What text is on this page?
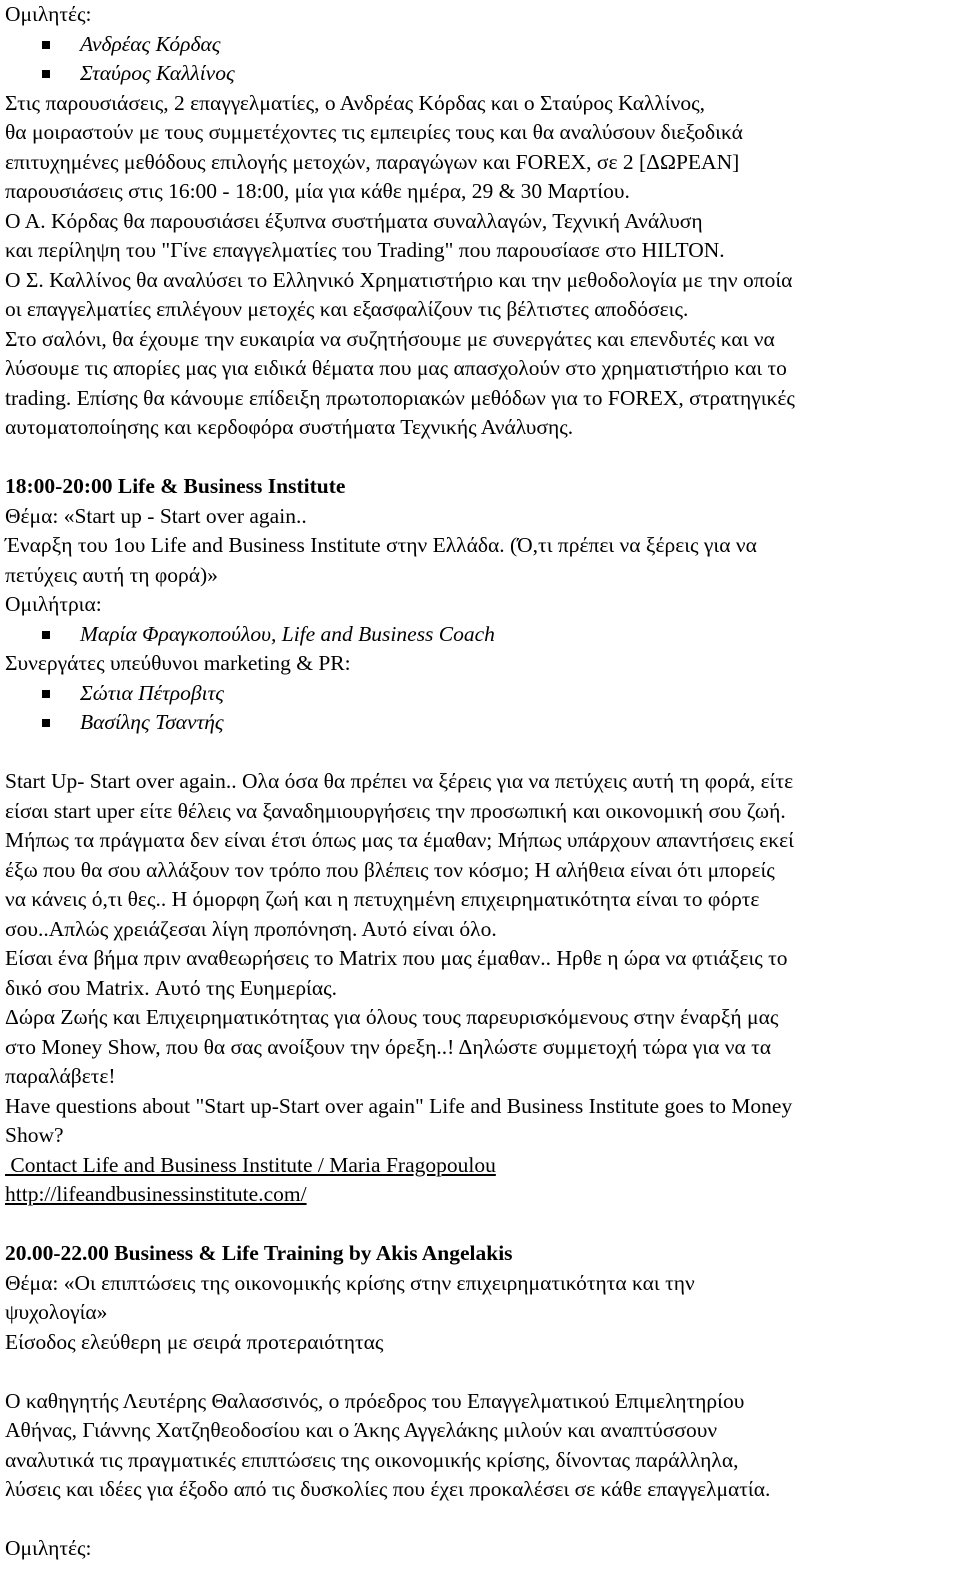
Ομιλητές:
Ανδρέας Κόρδας
Σταύρος Καλλίνος
Στις παρουσιάσεις, 2 επαγγελματίες, ο Ανδρέας Κόρδας και ο Σταύρος Καλλίνος,
θα μοιραστούν με τους συμμετέχοντες τις εμπειρίες τους και θα αναλύσουν διεξοδικά
επιτυχημένες μεθόδους επιλογής μετοχών, παραγώγων και FOREX, σε 2 [ΔΩΡΕΑΝ]
παρουσιάσεις στις 16:00 - 18:00, μία για κάθε ημέρα, 29 & 30 Μαρτίου.
Ο Α. Κόρδας θα παρουσιάσει έξυπνα συστήματα συναλλαγών, Τεχνική Ανάλυση
και περίληψη του "Γίνε επαγγελματίες του Trading" που παρουσίασε στο HILTON.
Ο Σ. Καλλίνος θα αναλύσει το Ελληνικό Χρηματιστήριο και την μεθοδολογία με την οποία
οι επαγγελματίες επιλέγουν μετοχές και εξασφαλίζουν τις βέλτιστες αποδόσεις.
Στο σαλόνι, θα έχουμε την ευκαιρία να συζητήσουμε με συνεργάτες και επενδυτές και να
λύσουμε τις απορίες μας για ειδικά θέματα που μας απασχολούν στο χρηματιστήριο και το
trading. Επίσης θα κάνουμε επίδειξη πρωτοποριακών μεθόδων για το FOREX, στρατηγικές
αυτοματοποίησης και κερδοφόρα συστήματα Τεχνικής Ανάλυσης.
18:00-20:00 Life & Business Institute
Θέμα: «Start up - Start over again..
Έναρξη του 1ου Life and Business Institute στην Ελλάδα. (Ό,τι πρέπει να ξέρεις για να
πετύχεις αυτή τη φορά)»
Ομιλήτρια:
Μαρία Φραγκοπούλου, Life and Business Coach
Συνεργάτες υπεύθυνοι marketing & PR:
Σώτια Πέτροβιτς
Βασίλης Τσαντής
Start Up- Start over again.. Ολα όσα θα πρέπει να ξέρεις για να πετύχεις αυτή τη φορά, είτε
είσαι start uper είτε θέλεις να ξαναδημιουργήσεις την προσωπική και οικονομική σου ζωή.
Μήπως τα πράγματα δεν είναι έτσι όπως μας τα έμαθαν; Μήπως υπάρχουν απαντήσεις εκεί
έξω που θα σου αλλάξουν τον τρόπο που βλέπεις τον κόσμο; Η αλήθεια είναι ότι μπορείς
να κάνεις ό,τι θες.. Η όμορφη ζωή και η πετυχημένη επιχειρηματικότητα είναι το φόρτε
σου..Απλώς χρειάζεσαι λίγη προπόνηση. Αυτό είναι όλο.
Είσαι ένα βήμα πριν αναθεωρήσεις το Matrix που μας έμαθαν.. Ηρθε η ώρα να φτιάξεις το
δικό σου Matrix. Αυτό της Ευημερίας.
Δώρα Ζωής και Επιχειρηματικότητας για όλους τους παρευρισκόμενους στην έναρξή μας
στο Money Show, που θα σας ανοίξουν την όρεξη..! Δηλώστε συμμετοχή τώρα για να τα
παραλάβετε!
Have questions about "Start up-Start over again" Life and Business Institute goes to Money
Show?
Contact Life and Business Institute / Maria Fragopoulou
http://lifeandbusinessinstitute.com/
20.00-22.00 Business & Life Training by Akis Angelakis
Θέμα: «Οι επιπτώσεις της οικονομικής κρίσης στην επιχειρηματικότητα και την
ψυχολογία»
Είσοδος ελεύθερη με σειρά προτεραιότητας
Ο καθηγητής Λευτέρης Θαλασσινός, ο πρόεδρος του Επαγγελματικού Επιμελητηρίου
Αθήνας, Γιάννης Χατζηθεοδοσίου και ο Άκης Αγγελάκης μιλούν και αναπτύσσουν
αναλυτικά τις πραγματικές επιπτώσεις της οικονομικής κρίσης, δίνοντας παράλληλα,
λύσεις και ιδέες για έξοδο από τις δυσκολίες που έχει προκαλέσει σε κάθε επαγγελματία.
Ομιλητές:
